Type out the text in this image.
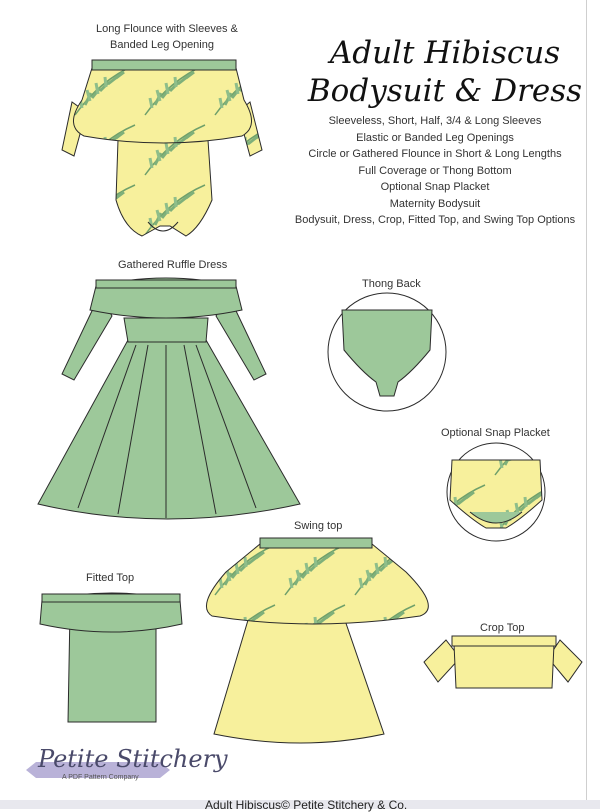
Adult Hibiscus
Bodysuit & Dress
Sleeveless, Short, Half, 3/4 & Long Sleeves
Elastic or Banded Leg Openings
Circle or Gathered Flounce in Short & Long Lengths
Full Coverage or Thong Bottom
Optional Snap Placket
Maternity Bodysuit
Bodysuit, Dress, Crop, Fitted Top, and Swing Top Options
Long Flounce with Sleeves &
Banded Leg Opening
Gathered Ruffle Dress
Thong Back
Optional Snap Placket
Swing top
Fitted Top
Crop Top
Petite Stitchery
A PDF Pattern Company
Adult Hibiscus© Petite Stitchery & Co.
